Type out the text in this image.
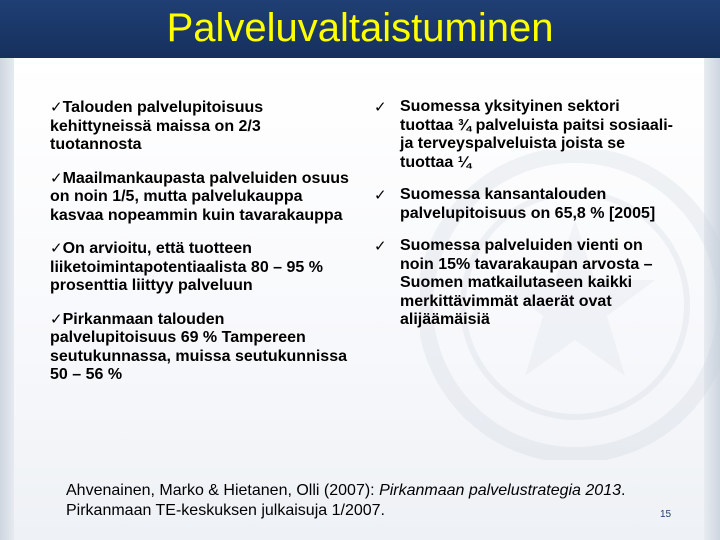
Palveluvaltaistuminen
✓Talouden palvelupitoisuus kehittyneissä maissa on 2/3 tuotannosta
✓Maailmankaupasta palveluiden osuus on noin 1/5, mutta palvelukauppa kasvaa nopeammin kuin tavarakauppa
✓On arvioitu, että tuotteen liiketoimintapotentiaalista 80 – 95 % prosenttia liittyy palveluun
✓Pirkanmaan talouden palvelupitoisuus 69 % Tampereen seutukunnassa, muissa seutukunnissa 50 – 56 %
✓ Suomessa yksityinen sektori tuottaa ¾ palveluista paitsi sosiaali- ja terveyspalveluista joista se tuottaa ¼
✓ Suomessa kansantalouden palvelupitoisuus on 65,8 % [2005]
✓ Suomessa palveluiden vienti on noin 15% tavarakaupan arvosta – Suomen matkailutaseen kaikki merkittävimmät alaerät ovat alijäämäisiä
Ahvenainen, Marko & Hietanen, Olli (2007): Pirkanmaan palvelustrategia 2013. Pirkanmaan TE-keskuksen julkaisuja 1/2007.	15
